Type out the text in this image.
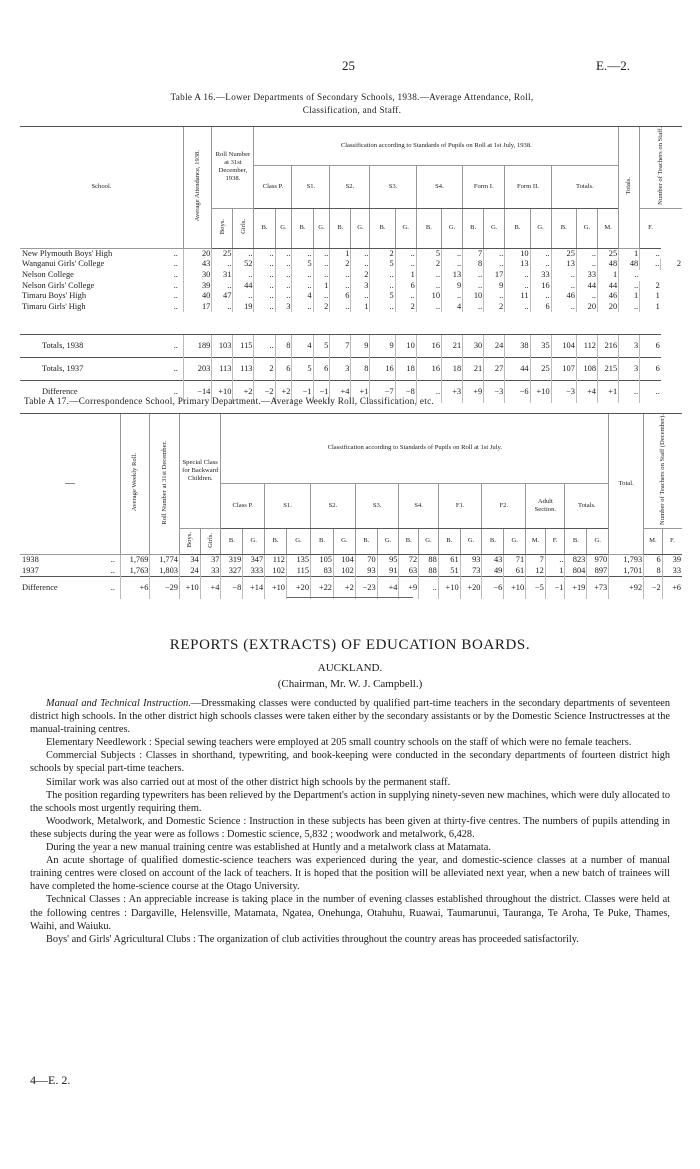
25	E.—2.
Table A 16.—Lower Departments of Secondary Schools, 1938.—Average Attendance, Roll,
Classification, and Staff.
School.	Average Attendance, 1938.	Roll Number at 31st December, 1938.		Classification according to Standards of Pupils on Roll at 1st July, 1938.																	Totals.	Number of Teachers on Staff.	
				Class P.		S1.		S2.		S3.		S4.		Form I.		Form II.		Totals.					
		Boys.	Girls.	B.	G.	B.	G.	B.	G.	B.	G.	B.	G.	B.	G.	B.	G.	B.	G.	M.		F.	
New Plymouth Boys' High ..	20	25	..	..	..	..	..	1	..	2	..	5	..	7	..	10	..	25	..	25	1	..	
Wanganui Girls' College ..	43	..	52	..	..	5	..	2	..	5	..	2	..	8	..	13	..	13	..	48	48	..	2
Nelson College ..	30	31	..	..	..	..	..	..	2	..	1	..	13	..	17	..	33	..	33	1	..		
Nelson Girls' College ..	39	..	44	..	..	..	1	..	3	..	6	..	9	..	9	..	16	..	44	44	..	2	
Timaru Boys' High ..	40	47	..	..	..	4	..	6	..	5	..	10	..	10	..	11	..	46	..	46	1	1	
Timaru Girls' High ..	17	..	19	..	3	..	2	..	1	..	2	..	4	..	2	..	6	..	20	20	..	1	

Totals, 1938 ..	189	103	115	..	8	4	5	7	9	9	10	16	21	30	24	38	35	104	112	216	3	6	
Totals, 1937 ..	203	113	113	2	6	5	6	3	8	16	18	16	18	21	27	44	25	107	108	215	3	6	
Difference ..	−14	+10	+2	−2	+2	−1	−1	+4	+1	−7	−8	..	+3	+9	−3	−6	+10	−3	+4	+1	..	..	
Table A 17.—Correspondence School, Primary Department.—Average Weekly Roll, Classification, etc.
—	Average Weekly Roll.	Roll Number at 31st December.	Special Class for Backward Children.		Classification according to Standards of Pupils on Roll at 1st July.																		Total.	Number of Teachers on Staff (December).	
					Class P.		S1.		S2.		S3.		S4.		F1.		F2.		Adult Section.		Totals.				
			Boys.	Girls.	B.	G.	B.	G.	B.	G.	B.	G.	B.	G.	B.	G.	B.	G.	M.	F.	B.	G.		M.	F.
1938 ..	1,769	1,774	34	37	319	347	112	135	105	104	70	95	72	88	61	93	43	71	7	..	823	970	1,793	6	39
1937 ..	1,763	1,803	24	33	327	333	102	115	83	102	93	91	63	88	51	73	49	61	12	1	804	897	1,701	8	33
Difference ..	+6	−29	+10	+4	−8	+14	+10	+20	+22	+2	−23	+4	+9	..	+10	+20	−6	+10	−5	−1	+19	+73	+92	−2	+6
REPORTS (EXTRACTS) OF EDUCATION BOARDS.
AUCKLAND.
(Chairman, Mr. W. J. Campbell.)

Manual and Technical Instruction.—Dressmaking classes were conducted by qualified part-time teachers in the secondary departments of seventeen district high schools. In the other district high schools classes were taken either by the secondary assistants or by the Domestic Science Instructresses at the manual-training centres.

Elementary Needlework : Special sewing teachers were employed at 205 small country schools on the staff of which were no female teachers.

Commercial Subjects : Classes in shorthand, typewriting, and book-keeping were conducted in the secondary departments of fourteen district high schools by special part-time teachers.

Similar work was also carried out at most of the other district high schools by the permanent staff.

The position regarding typewriters has been relieved by the Department's action in supplying ninety-seven new machines, which were duly allocated to the schools most urgently requiring them.

Woodwork, Metalwork, and Domestic Science : Instruction in these subjects has been given at thirty-five centres. The numbers of pupils attending in these subjects during the year were as follows : Domestic science, 5,832 ; woodwork and metalwork, 6,428.

During the year a new manual training centre was established at Huntly and a metalwork class at Matamata.

An acute shortage of qualified domestic-science teachers was experienced during the year, and domestic-science classes at a number of manual training centres were closed on account of the lack of teachers. It is hoped that the position will be alleviated next year, when a new batch of trainees will have completed the home-science course at the Otago University.

Technical Classes : An appreciable increase is taking place in the number of evening classes established throughout the district. Classes were held at the following centres : Dargaville, Helensville, Matamata, Ngatea, Onehunga, Otahuhu, Ruawai, Taumarunui, Tauranga, Te Aroha, Te Puke, Thames, Waihi, and Waiuku.

Boys' and Girls' Agricultural Clubs : The organization of club activities throughout the country areas has proceeded satisfactorily.

4—E. 2.
